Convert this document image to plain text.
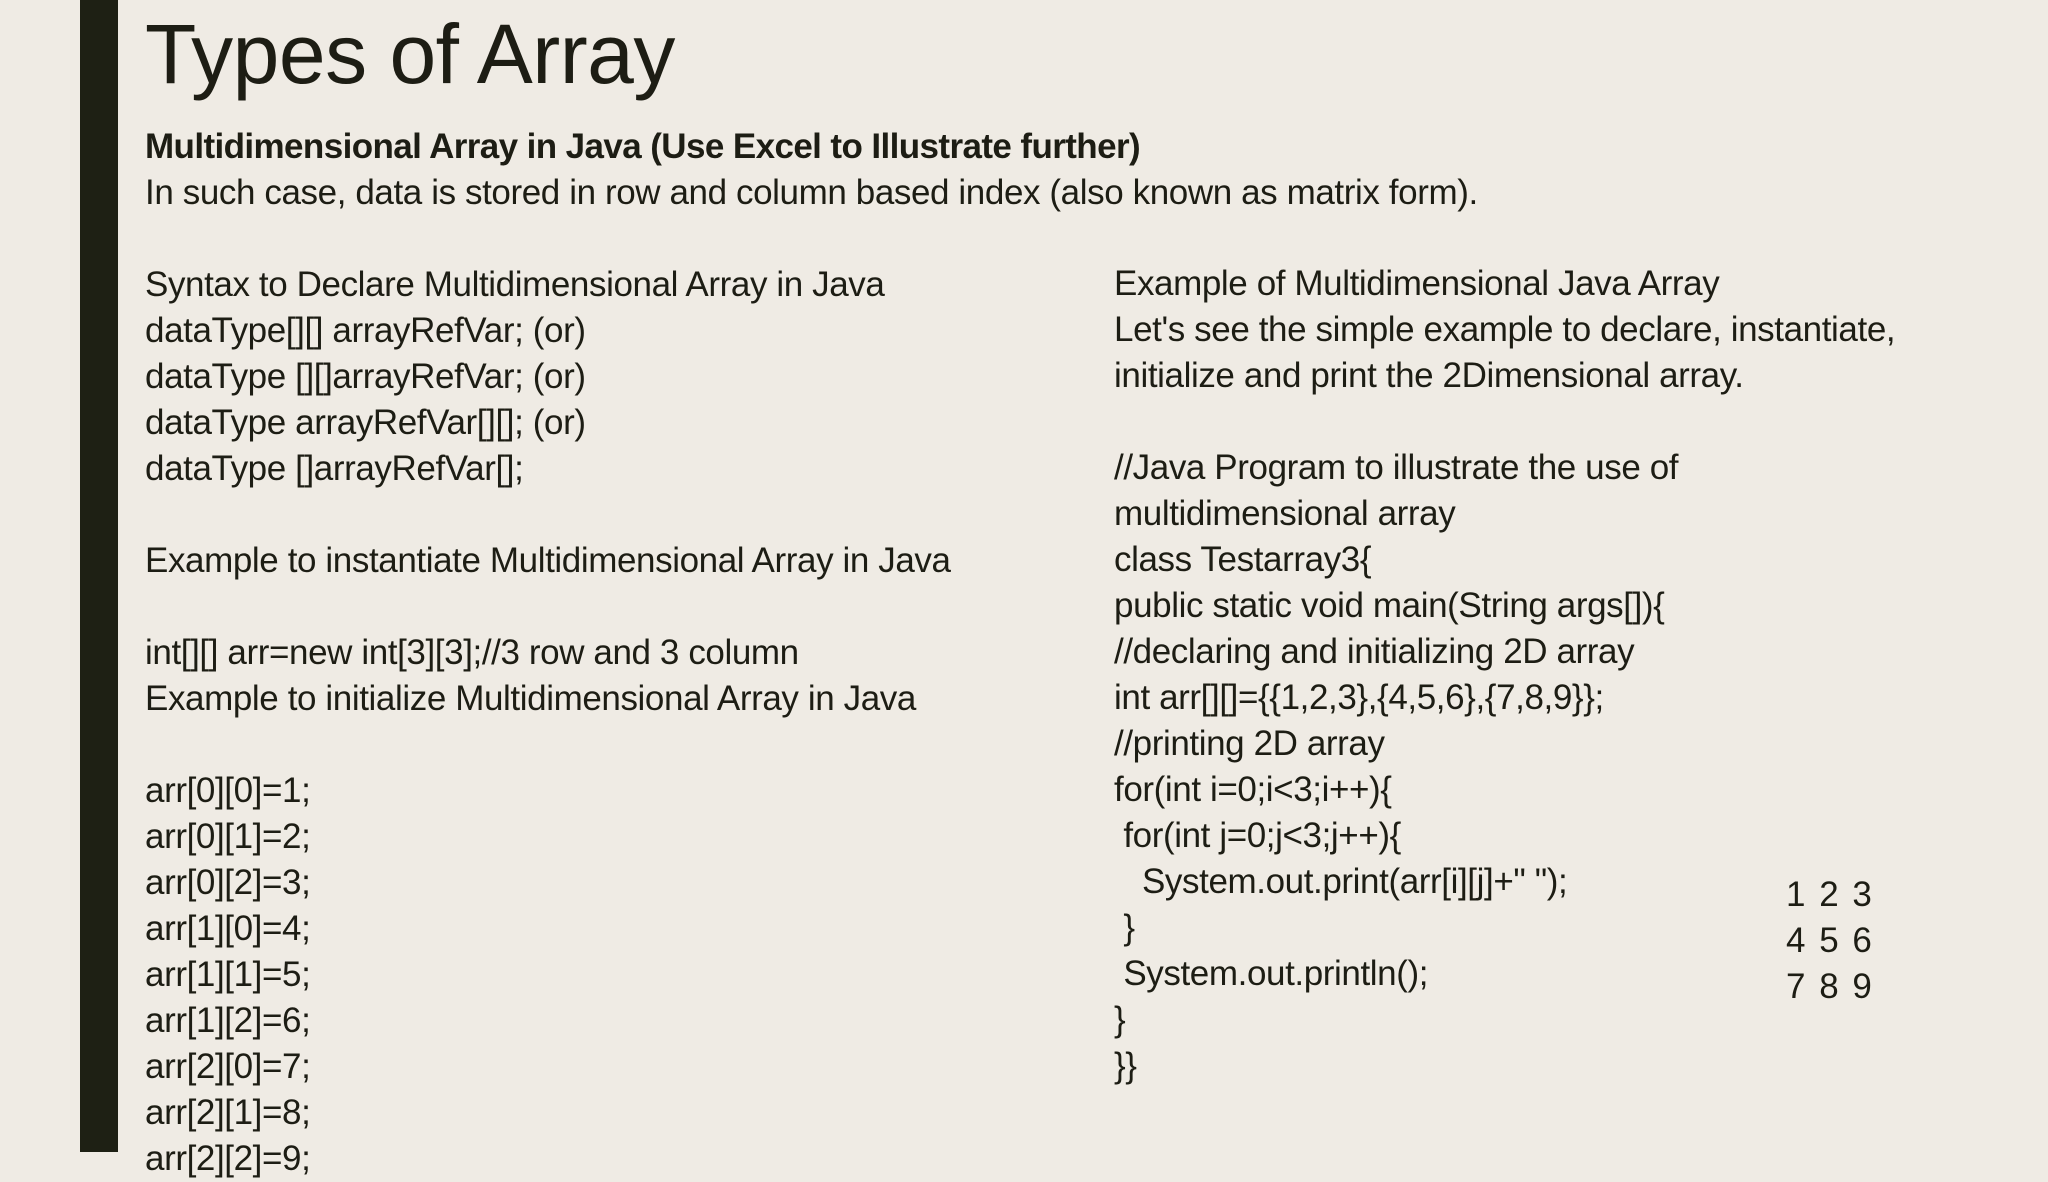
Types of Array

Multidimensional Array in Java (Use Excel to Illustrate further)

In such case, data is stored in row and column based index (also known as matrix form).

Syntax to Declare Multidimensional Array in Java
dataType[][] arrayRefVar; (or)
dataType [][]arrayRefVar; (or)
dataType arrayRefVar[][]; (or)
dataType []arrayRefVar[];
Example to instantiate Multidimensional Array in Java
int[][] arr=new int[3][3];//3 row and 3 column
Example to initialize Multidimensional Array in Java
arr[0][0]=1;
arr[0][1]=2;
arr[0][2]=3;
arr[1][0]=4;
arr[1][1]=5;
arr[1][2]=6;
arr[2][0]=7;
arr[2][1]=8;
arr[2][2]=9;
Example of Multidimensional Java Array
Let's see the simple example to declare, instantiate,
initialize and print the 2Dimensional array.
//Java Program to illustrate the use of
multidimensional array
class Testarray3{
public static void main(String args[]){
//declaring and initializing 2D array
int arr[][]={{1,2,3},{4,5,6},{7,8,9}};
//printing 2D array
for(int i=0;i<3;i++){
for(int j=0;j<3;j++){
System.out.print(arr[i][j]+" ");
}
System.out.println();
}
}}
1 2 3
4 5 6
7 8 9
